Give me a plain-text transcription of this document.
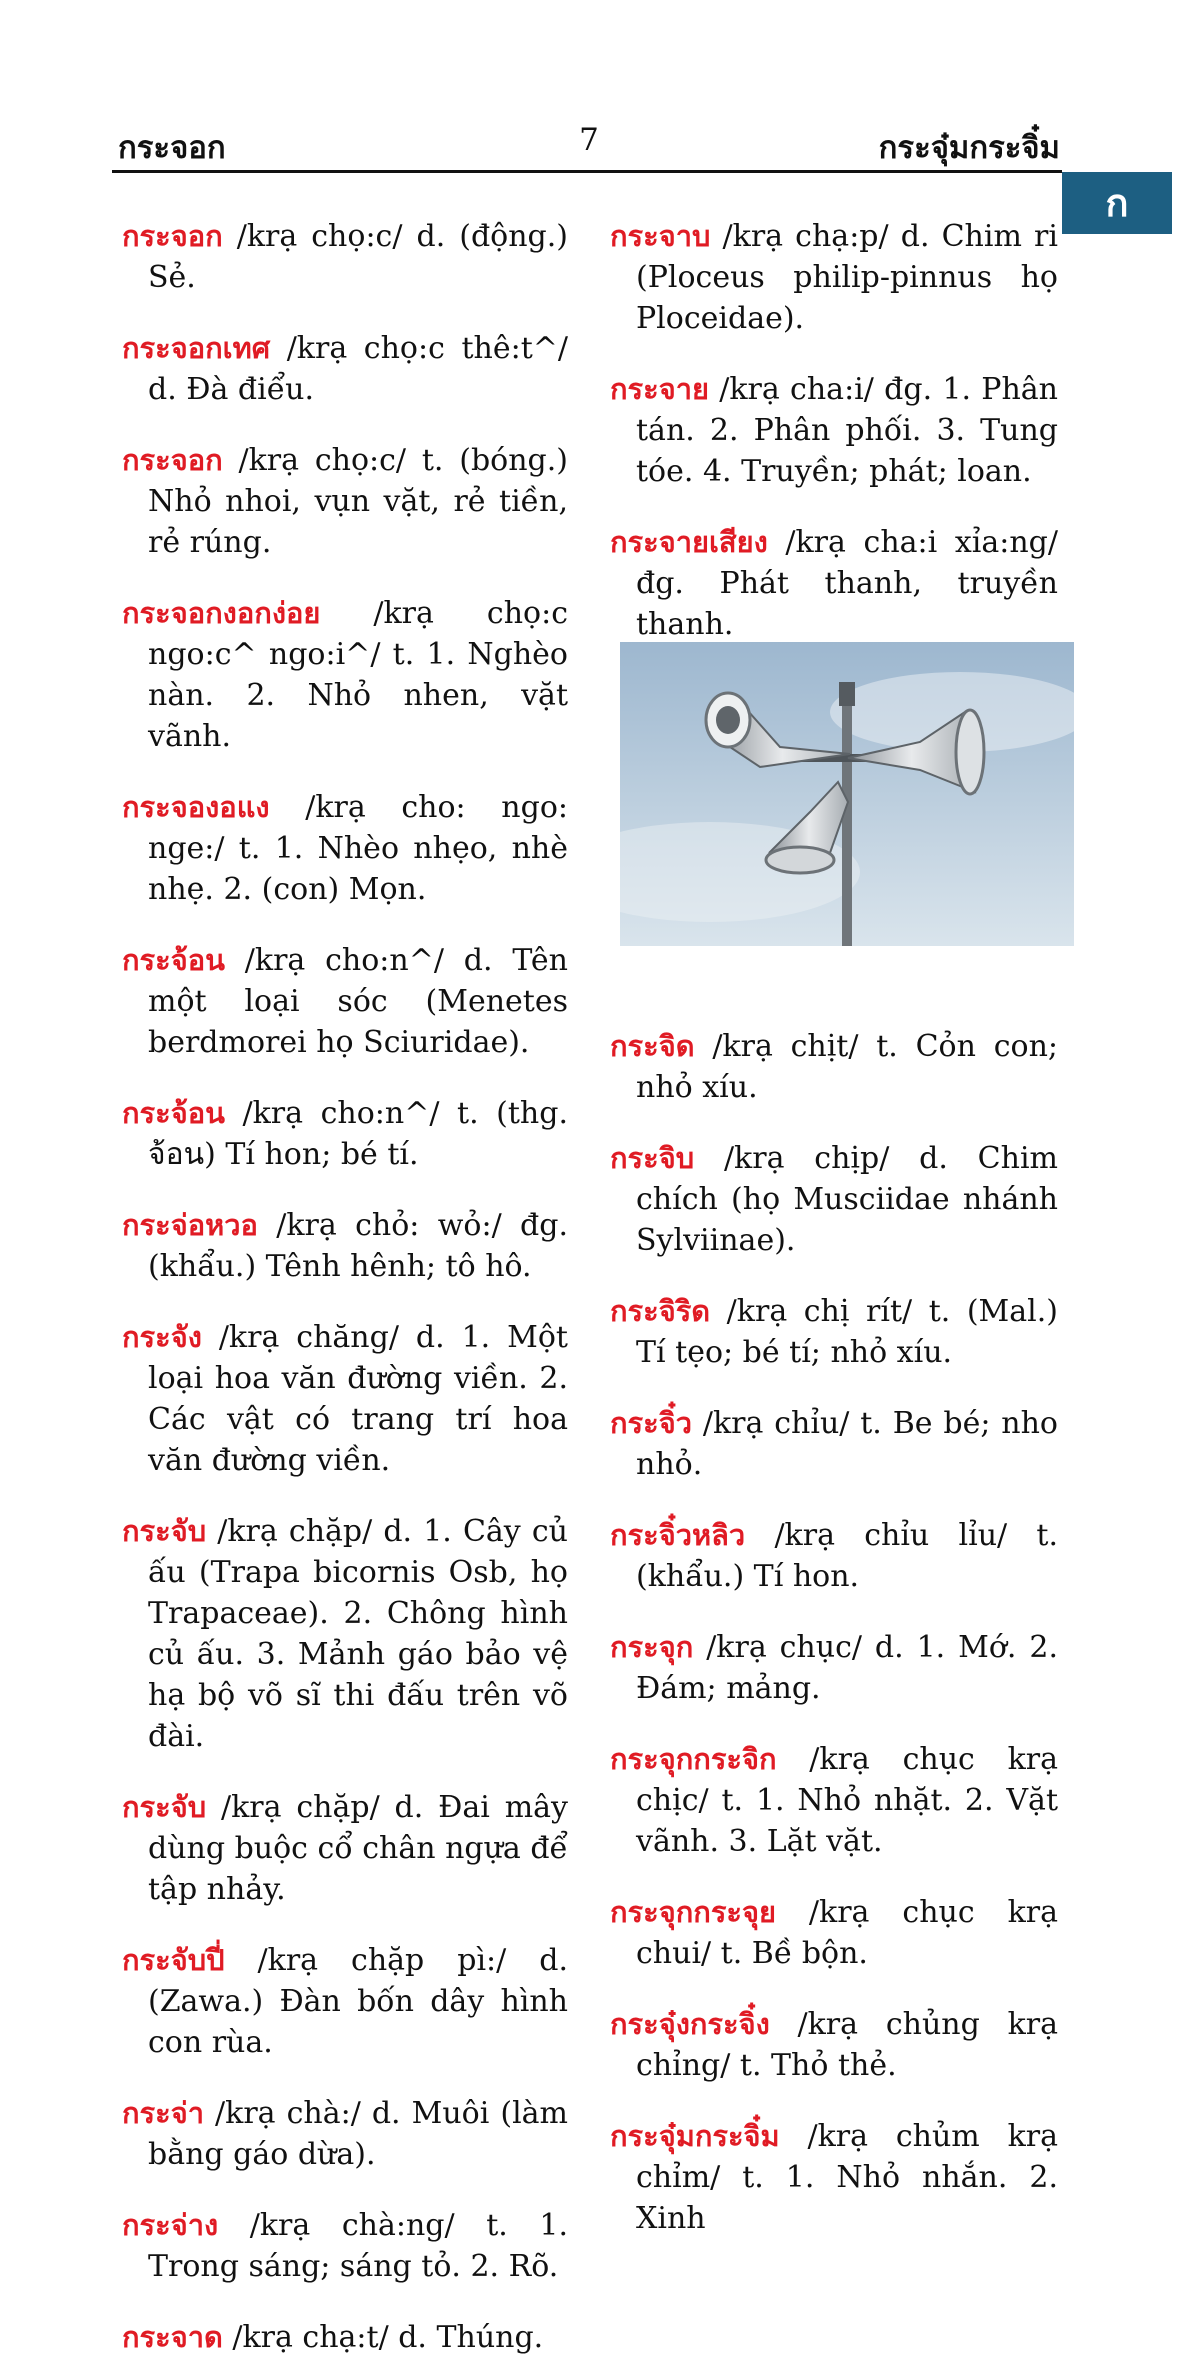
กระจอก	7	กระจุ๋มกระจิ๋ม
ก

กระจอก /krạ chọ:c/ d. (động.) Sẻ.

กระจอกเทศ /krạ chọ:c thê:t^/ d. Đà điểu.

กระจอก /krạ chọ:c/ t. (bóng.) Nhỏ nhoi, vụn vặt, rẻ tiền, rẻ rúng.

กระจอกงอกง่อย /krạ chọ:c ngo:c^ ngo:i^/ t. 1. Nghèo nàn. 2. Nhỏ nhen, vặt vãnh.

กระจองอแง /krạ cho: ngo: nge:/ t. 1. Nhèo nhẹo, nhè nhẹ. 2. (con) Mọn.

กระจ้อน /krạ cho:n^/ d. Tên một loại sóc (Menetes berdmorei họ Sciuridae).

กระจ้อน /krạ cho:n^/ t. (thg. จ้อน) Tí hon; bé tí.

กระจ่อหวอ /krạ chỏ: wỏ:/ đg. (khẩu.) Tênh hênh; tô hô.

กระจัง /krạ chăng/ d. 1. Một loại hoa văn đường viền. 2. Các vật có trang trí hoa văn đường viền.

กระจับ /krạ chặp/ d. 1. Cây củ ấu (Trapa bicornis Osb, họ Trapaceae). 2. Chông hình củ ấu. 3. Mảnh gáo bảo vệ hạ bộ võ sĩ thi đấu trên võ đài.

กระจับ /krạ chặp/ d. Đai mây dùng buộc cổ chân ngựa để tập nhảy.

กระจับปี่ /krạ chặp pì:/ d. (Zawa.) Đàn bốn dây hình con rùa.

กระจ่า /krạ chà:/ d. Muôi (làm bằng gáo dừa).

กระจ่าง /krạ chà:ng/ t. 1. Trong sáng; sáng tỏ. 2. Rõ.

กระจาด /krạ chạ:t/ d. Thúng.

กระจาบ /krạ chạ:p/ d. Chim ri (Ploceus philip-pinnus họ Ploceidae).

กระจาย /krạ cha:i/ đg. 1. Phân tán. 2. Phân phối. 3. Tung tóe. 4. Truyền; phát; loan.

กระจายเสียง /krạ cha:i xỉa:ng/ đg. Phát thanh, truyền thanh.

กระจิด /krạ chịt/ t. Cỏn con; nhỏ xíu.

กระจิบ /krạ chịp/ d. Chim chích (họ Musciidae nhánh Sylviinae).

กระจิริด /krạ chị rít/ t. (Mal.) Tí tẹo; bé tí; nhỏ xíu.

กระจิ๋ว /krạ chỉu/ t. Be bé; nho nhỏ.

กระจิ๋วหลิว /krạ chỉu lỉu/ t. (khẩu.) Tí hon.

กระจุก /krạ chục/ d. 1. Mớ. 2. Đám; mảng.

กระจุกกระจิก /krạ chục krạ chịc/ t. 1. Nhỏ nhặt. 2. Vặt vãnh. 3. Lặt vặt.

กระจุกกระจุย /krạ chục krạ chui/ t. Bề bộn.

กระจุ๋งกระจิ๋ง /krạ chủng krạ chỉng/ t. Thỏ thẻ.

กระจุ๋มกระจิ๋ม /krạ chủm krạ chỉm/ t. 1. Nhỏ nhắn. 2. Xinh
